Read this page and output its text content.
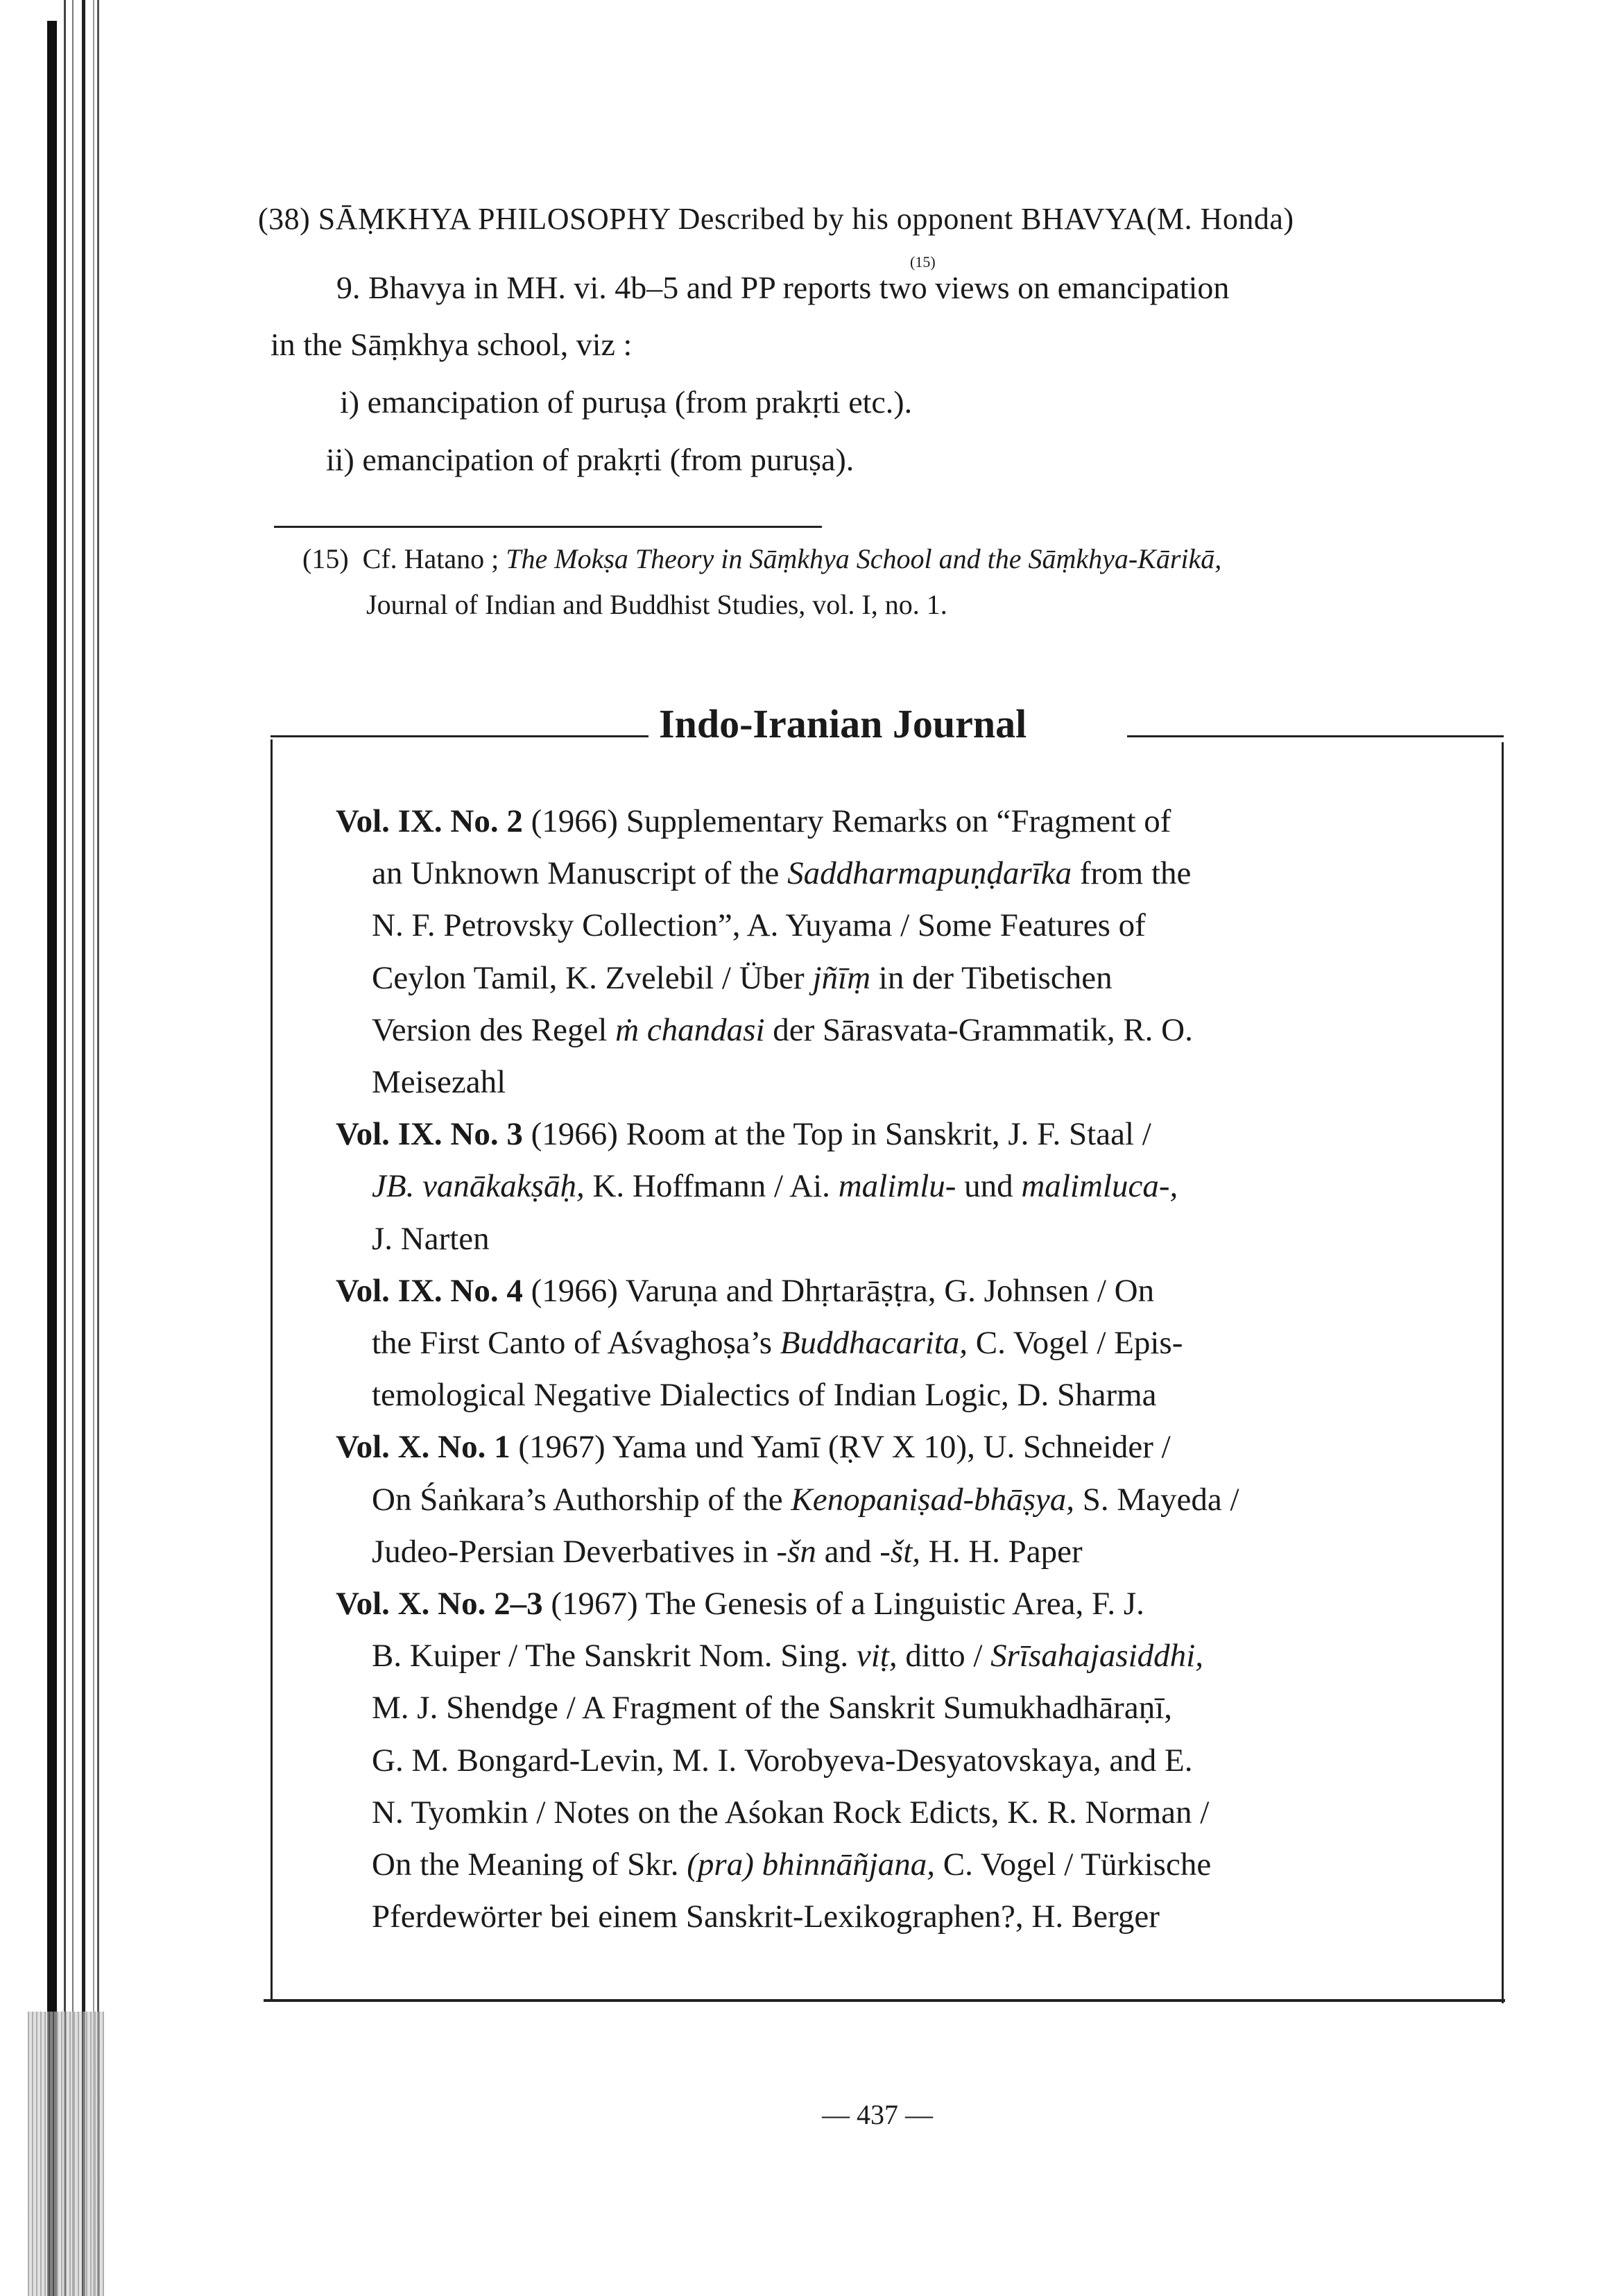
(38) SĀṂKHYA PHILOSOPHY Described by his opponent BHAVYA(M. Honda)
(15)
9. Bhavya in MH. vi. 4b–5 and PP reports two views on emancipation
in the Sāṃkhya school, viz :
i) emancipation of puruṣa (from prakṛti etc.).
ii) emancipation of prakṛti (from puruṣa).
(15) Cf. Hatano ; The Mokṣa Theory in Sāṃkhya School and the Sāṃkhya-Kārikā,
Journal of Indian and Buddhist Studies, vol. I, no. 1.
Indo-Iranian Journal
Vol. IX. No. 2 (1966) Supplementary Remarks on “Fragment of
an Unknown Manuscript of the Saddharmapuṇḍarīka from the
N. F. Petrovsky Collection”, A. Yuyama / Some Features of
Ceylon Tamil, K. Zvelebil / Über jñīṃ in der Tibetischen
Version des Regel ṁ chandasi der Sārasvata-Grammatik, R. O.
Meisezahl
Vol. IX. No. 3 (1966) Room at the Top in Sanskrit, J. F. Staal /
JB. vanākakṣāḥ, K. Hoffmann / Ai. malimlu- und malimluca-,
J. Narten
Vol. IX. No. 4 (1966) Varuṇa and Dhṛtarāṣṭra, G. Johnsen / On
the First Canto of Aśvaghoṣa’s Buddhacarita, C. Vogel / Epis-
temological Negative Dialectics of Indian Logic, D. Sharma
Vol. X. No. 1 (1967) Yama und Yamī (ṚV X 10), U. Schneider /
On Śaṅkara’s Authorship of the Kenopaniṣad-bhāṣya, S. Mayeda /
Judeo-Persian Deverbatives in -šn and -št, H. H. Paper
Vol. X. No. 2–3 (1967) The Genesis of a Linguistic Area, F. J.
B. Kuiper / The Sanskrit Nom. Sing. viṭ, ditto / Srīsahajasiddhi,
M. J. Shendge / A Fragment of the Sanskrit Sumukhadhāraṇī,
G. M. Bongard-Levin, M. I. Vorobyeva-Desyatovskaya, and E.
N. Tyomkin / Notes on the Aśokan Rock Edicts, K. R. Norman /
On the Meaning of Skr. (pra) bhinnāñjana, C. Vogel / Türkische
Pferdewörter bei einem Sanskrit-Lexikographen?, H. Berger
— 437 —
